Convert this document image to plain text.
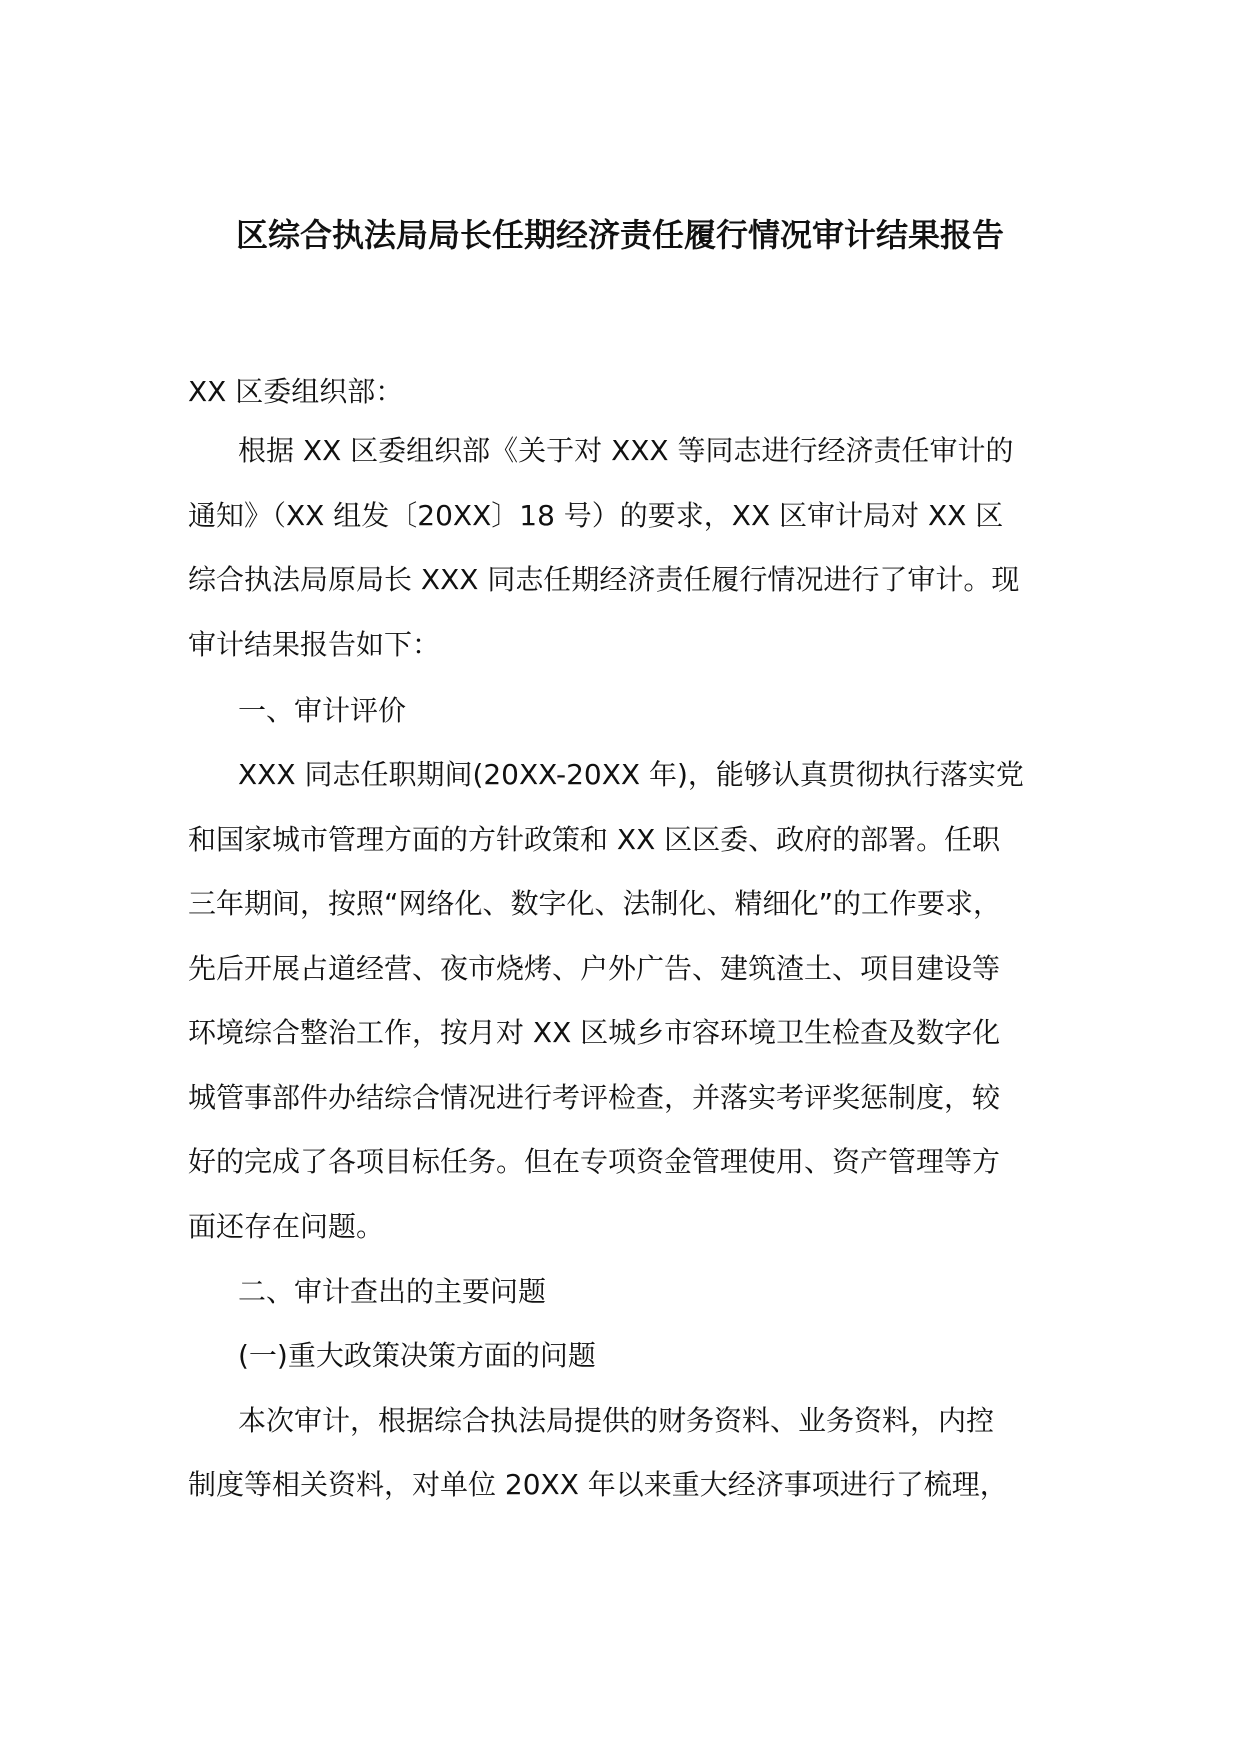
区综合执法局局长任期经济责任履行情况审计结果报告
XX 区委组织部：
根据 XX 区委组织部《关于对 XXX 等同志进行经济责任审计的
通知》（XX 组发〔20XX〕18 号）的要求，XX 区审计局对 XX 区
综合执法局原局长 XXX 同志任期经济责任履行情况进行了审计。现
审计结果报告如下：
一、审计评价
XXX 同志任职期间(20XX-20XX 年)，能够认真贯彻执行落实党
和国家城市管理方面的方针政策和 XX 区区委、政府的部署。任职
三年期间，按照“网络化、数字化、法制化、精细化”的工作要求，
先后开展占道经营、夜市烧烤、户外广告、建筑渣土、项目建设等
环境综合整治工作，按月对 XX 区城乡市容环境卫生检查及数字化
城管事部件办结综合情况进行考评检查，并落实考评奖惩制度，较
好的完成了各项目标任务。但在专项资金管理使用、资产管理等方
面还存在问题。
二、审计查出的主要问题
(一)重大政策决策方面的问题
本次审计，根据综合执法局提供的财务资料、业务资料，内控
制度等相关资料，对单位 20XX 年以来重大经济事项进行了梳理，
